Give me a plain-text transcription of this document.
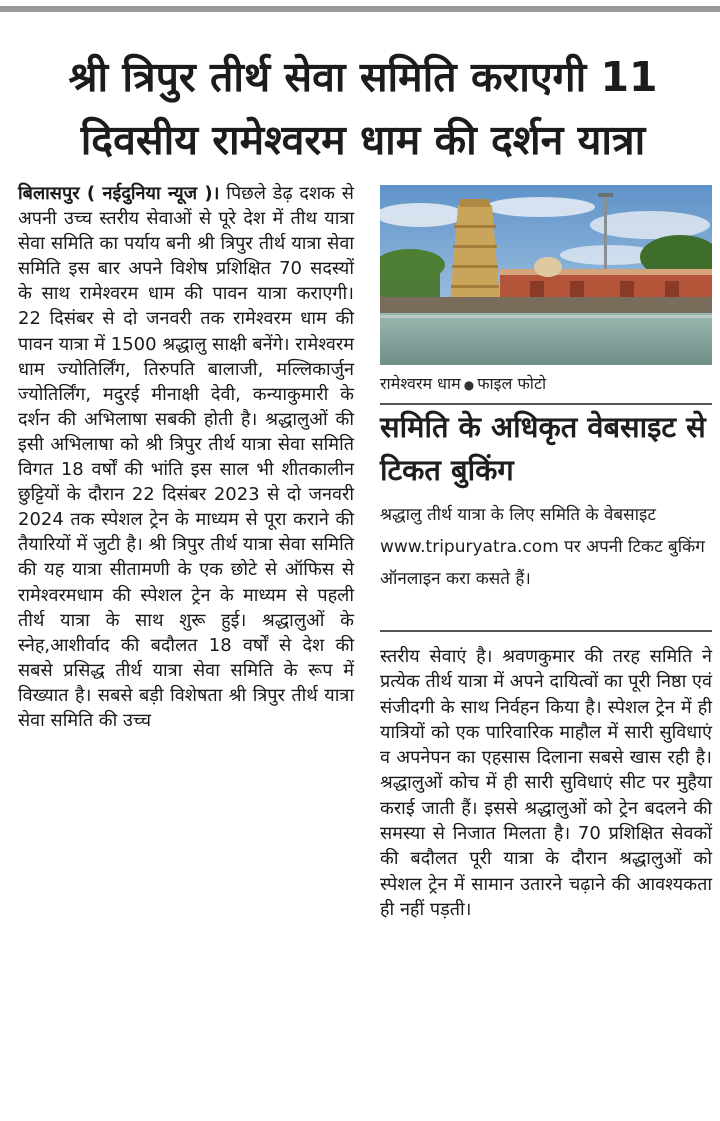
श्री त्रिपुर तीर्थ सेवा समिति कराएगी 11 दिवसीय रामेश्वरम धाम की दर्शन यात्रा

बिलासपुर ( नईदुनिया न्यूज )। पिछले डेढ़ दशक से अपनी उच्च स्तरीय सेवाओं से पूरे देश में तीथ यात्रा सेवा समिति का पर्याय बनी श्री त्रिपुर तीर्थ यात्रा सेवा समिति इस बार अपने विशेष प्रशिक्षित 70 सदस्यों के साथ रामेश्वरम धाम की पावन यात्रा कराएगी। 22 दिसंबर से दो जनवरी तक रामेश्वरम धाम की पावन यात्रा में 1500 श्रद्धालु साक्षी बनेंगे। रामेश्वरम धाम ज्योतिर्लिंग, तिरुपति बालाजी, मल्लिकार्जुन ज्योतिर्लिंग, मदुरई मीनाक्षी देवी, कन्याकुमारी के दर्शन की अभिलाषा सबकी होती है। श्रद्धालुओं की इसी अभिलाषा को श्री त्रिपुर तीर्थ यात्रा सेवा समिति विगत 18 वर्षों की भांति इस साल भी शीतकालीन छुट्टियों के दौरान 22 दिसंबर 2023 से दो जनवरी 2024 तक स्पेशल ट्रेन के माध्यम से पूरा कराने की तैयारियों में जुटी है। श्री त्रिपुर तीर्थ यात्रा सेवा समिति की यह यात्रा सीतामणी के एक छोटे से ऑफिस से रामेश्वरमधाम की स्पेशल ट्रेन के माध्यम से पहली तीर्थ यात्रा के साथ शुरू हुई। श्रद्धालुओं के स्नेह,आशीर्वाद की बदौलत 18 वर्षों से देश की सबसे प्रसिद्ध तीर्थ यात्रा सेवा समिति के रूप में विख्यात है। सबसे बड़ी विशेषता श्री त्रिपुर तीर्थ यात्रा सेवा समिति की उच्च

रामेश्वरम धाम ● फाइल फोटो
समिति के अधिकृत वेबसाइट से टिकत बुकिंग

श्रद्धालु तीर्थ यात्रा के लिए समिति के वेबसाइट www.tripuryatra.com पर अपनी टिकट बुकिंग ऑनलाइन करा कसते हैं।

स्तरीय सेवाएं है। श्रवणकुमार की तरह समिति ने प्रत्येक तीर्थ यात्रा में अपने दायित्वों का पूरी निष्ठा एवं संजीदगी के साथ निर्वहन किया है। स्पेशल ट्रेन में ही यात्रियों को एक पारिवारिक माहौल में सारी सुविधाएं व अपनेपन का एहसास दिलाना सबसे खास रही है। श्रद्धालुओं कोच में ही सारी सुविधाएं सीट पर मुहैया कराई जाती हैं। इससे श्रद्धालुओं को ट्रेन बदलने की समस्या से निजात मिलता है। 70 प्रशिक्षित सेवकों की बदौलत पूरी यात्रा के दौरान श्रद्धालुओं को स्पेशल ट्रेन में सामान उतारने चढ़ाने की आवश्यकता ही नहीं पड़ती।
